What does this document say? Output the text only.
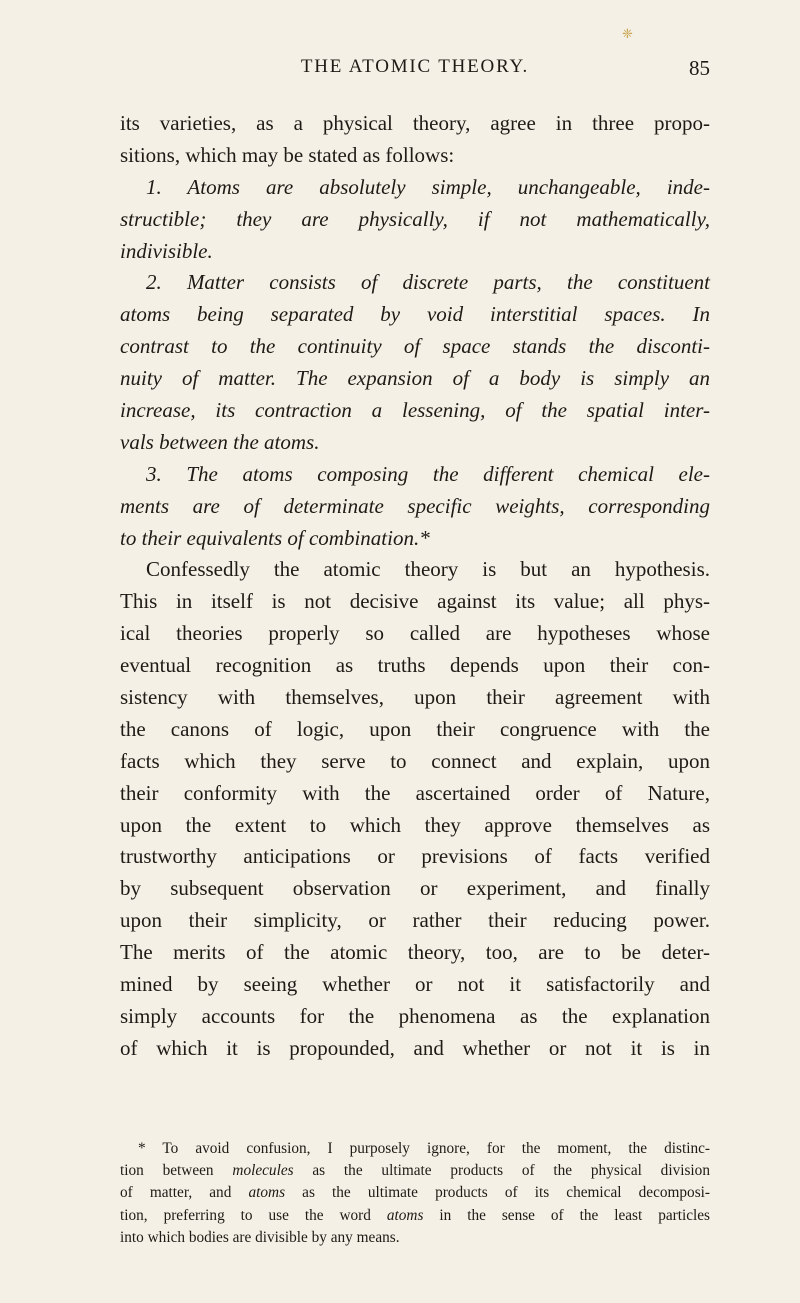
❈
THE ATOMIC THEORY.	85
its varieties, as a physical theory, agree in three propo-
sitions, which may be stated as follows:
1. Atoms are absolutely simple, unchangeable, inde-
structible; they are physically, if not mathematically,
indivisible.
2. Matter consists of discrete parts, the constituent
atoms being separated by void interstitial spaces. In
contrast to the continuity of space stands the disconti-
nuity of matter. The expansion of a body is simply an
increase, its contraction a lessening, of the spatial inter-
vals between the atoms.
3. The atoms composing the different chemical ele-
ments are of determinate specific weights, corresponding
to their equivalents of combination.*
Confessedly the atomic theory is but an hypothesis.
This in itself is not decisive against its value; all phys-
ical theories properly so called are hypotheses whose
eventual recognition as truths depends upon their con-
sistency with themselves, upon their agreement with
the canons of logic, upon their congruence with the
facts which they serve to connect and explain, upon
their conformity with the ascertained order of Nature,
upon the extent to which they approve themselves as
trustworthy anticipations or previsions of facts verified
by subsequent observation or experiment, and finally
upon their simplicity, or rather their reducing power.
The merits of the atomic theory, too, are to be deter-
mined by seeing whether or not it satisfactorily and
simply accounts for the phenomena as the explanation
of which it is propounded, and whether or not it is in
* To avoid confusion, I purposely ignore, for the moment, the distinc-
tion between molecules as the ultimate products of the physical division
of matter, and atoms as the ultimate products of its chemical decomposi-
tion, preferring to use the word atoms in the sense of the least particles
into which bodies are divisible by any means.
